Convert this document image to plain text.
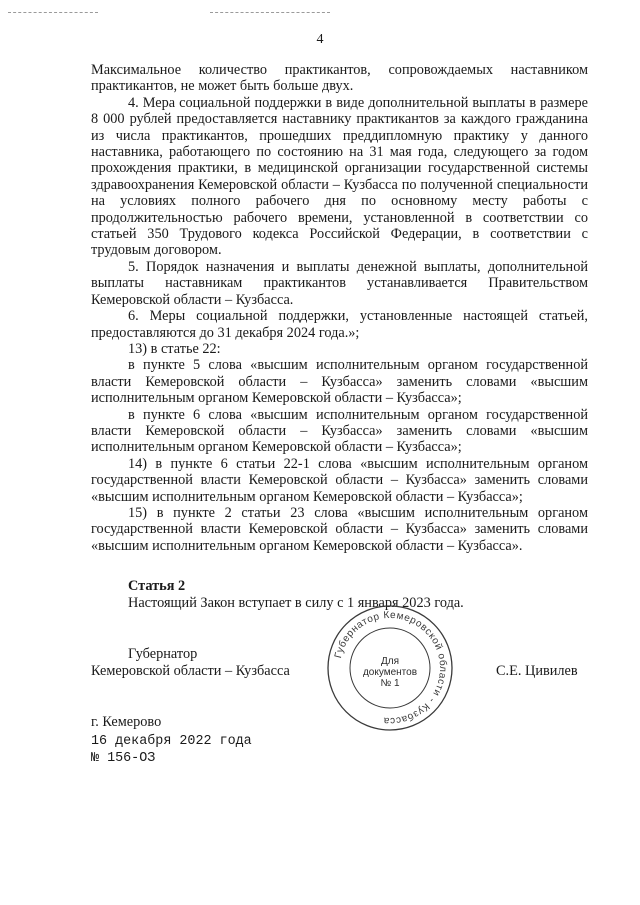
4

Максимальное количество практикантов, сопровождаемых наставником практикантов, не может быть больше двух.

4. Мера социальной поддержки в виде дополнительной выплаты в размере 8 000 рублей предоставляется наставнику практикантов за каждого гражданина из числа практикантов, прошедших преддипломную практику у данного наставника, работающего по состоянию на 31 мая года, следующего за годом прохождения практики, в медицинской организации государственной системы здравоохранения Кемеровской области – Кузбасса по полученной специальности на условиях полного рабочего дня по основному месту работы с продолжительностью рабочего времени, установленной в соответствии со статьей 350 Трудового кодекса Российской Федерации, в соответствии с трудовым договором.

5. Порядок назначения и выплаты денежной выплаты, дополнительной выплаты наставникам практикантов устанавливается Правительством Кемеровской области – Кузбасса.

6. Меры социальной поддержки, установленные настоящей статьей, предоставляются до 31 декабря 2024 года.»;

13) в статье 22:

в пункте 5 слова «высшим исполнительным органом государственной власти Кемеровской области – Кузбасса» заменить словами «высшим исполнительным органом Кемеровской области – Кузбасса»;

в пункте 6 слова «высшим исполнительным органом государственной власти Кемеровской области – Кузбасса» заменить словами «высшим исполнительным органом Кемеровской области – Кузбасса»;

14) в пункте 6 статьи 22-1 слова «высшим исполнительным органом государственной власти Кемеровской области – Кузбасса» заменить словами «высшим исполнительным органом Кемеровской области – Кузбасса»;

15) в пункте 2 статьи 23 слова «высшим исполнительным органом государственной власти Кемеровской области – Кузбасса» заменить словами «высшим исполнительным органом Кемеровской области – Кузбасса».

Статья 2
Настоящий Закон вступает в силу с 1 января 2023 года.
Губернатор Кемеровской области - Кузбасса
Для
документов
№ 1
Губернатор
Кемеровской области – Кузбасса	С.Е. Цивилев
г. Кемерово
16 декабря 2022 года
№ 156-ОЗ
